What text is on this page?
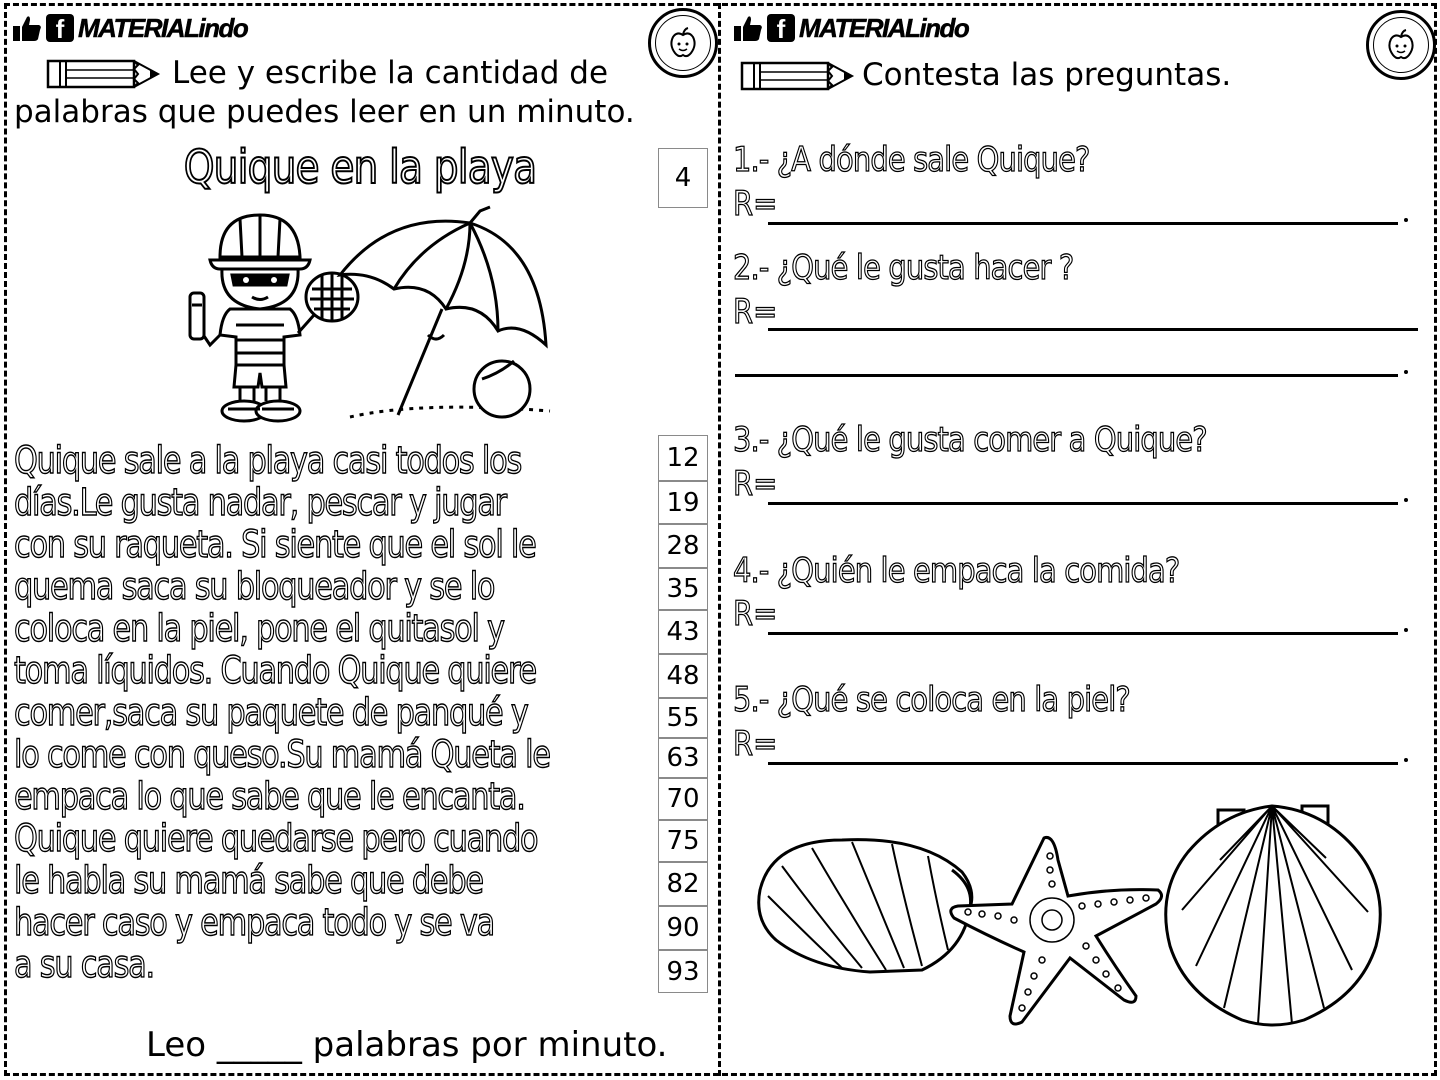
f MATERIALindo
Lee y escribe la cantidad de
palabras que puedes leer en un minuto.
Quique en la playa	4
Quique sale a la playa casi todos los
días.Le gusta nadar, pescar y jugar
con su raqueta. Si siente que el sol le
quema saca su bloqueador y se lo
coloca en la piel, pone el quitasol y
toma líquidos. Cuando Quique quiere
comer,saca su paquete de panqué y
lo come con queso.Su mamá Queta le
empaca lo que sabe que le encanta.
Quique quiere quedarse pero cuando
le habla su mamá sabe que debe
hacer caso y empaca todo y se va
a su casa.
12
19
28
35
43
48
55
63
70
75
82
90
93
Leo _____ palabras por minuto.
f MATERIALindo
Contesta las preguntas.
1.- ¿A dónde sale Quique?
R=
2.- ¿Qué le gusta hacer ?
R=
3.- ¿Qué le gusta comer a Quique?
R=
4.- ¿Quién le empaca la comida?
R=
5.- ¿Qué se coloca en la piel?
R=
